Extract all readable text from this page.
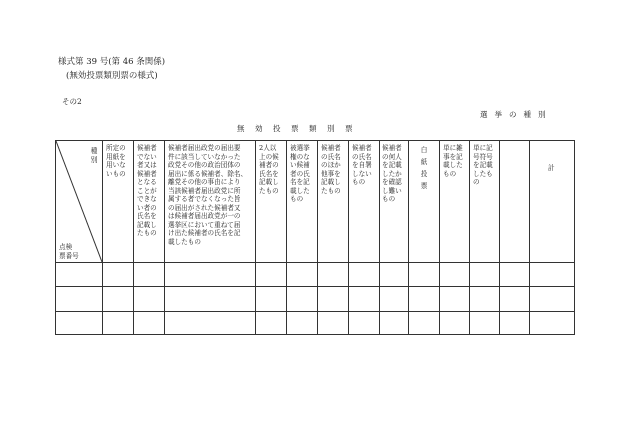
様式第 39 号(第 46 条関係)
(無効投票類別票の様式)
その2
選挙の種別
無効投票類別票
種別
点検
票番号
所定の
用紙を
用いな
いもの
候補者
でない
者又は
候補者
となる
ことが
できな
い者の
氏名を
記載し
たもの
候補者届出政党の届出要
件に該当していなかった
政党その他の政治団体の
届出に係る候補者、除名、
離党その他の事由により
当該候補者届出政党に所
属する者でなくなった旨
の届出がされた候補者又
は候補者届出政党が一の
選挙区において重ねて届
け出た候補者の氏名を記
載したもの
2人以
上の候
補者の
氏名を
記載し
たもの
被選挙
権のな
い候補
者の氏
名を記
載した
もの
候補者
の氏名
のほか
他事を
記載し
たもの
候補者
の氏名
を自署
しない
もの
候補者
の何人
を記載
したか
を確認
し難い
もの
白紙投票
単に雑
事を記
載した
もの
単に記
号符号
を記載
したも
の
計
